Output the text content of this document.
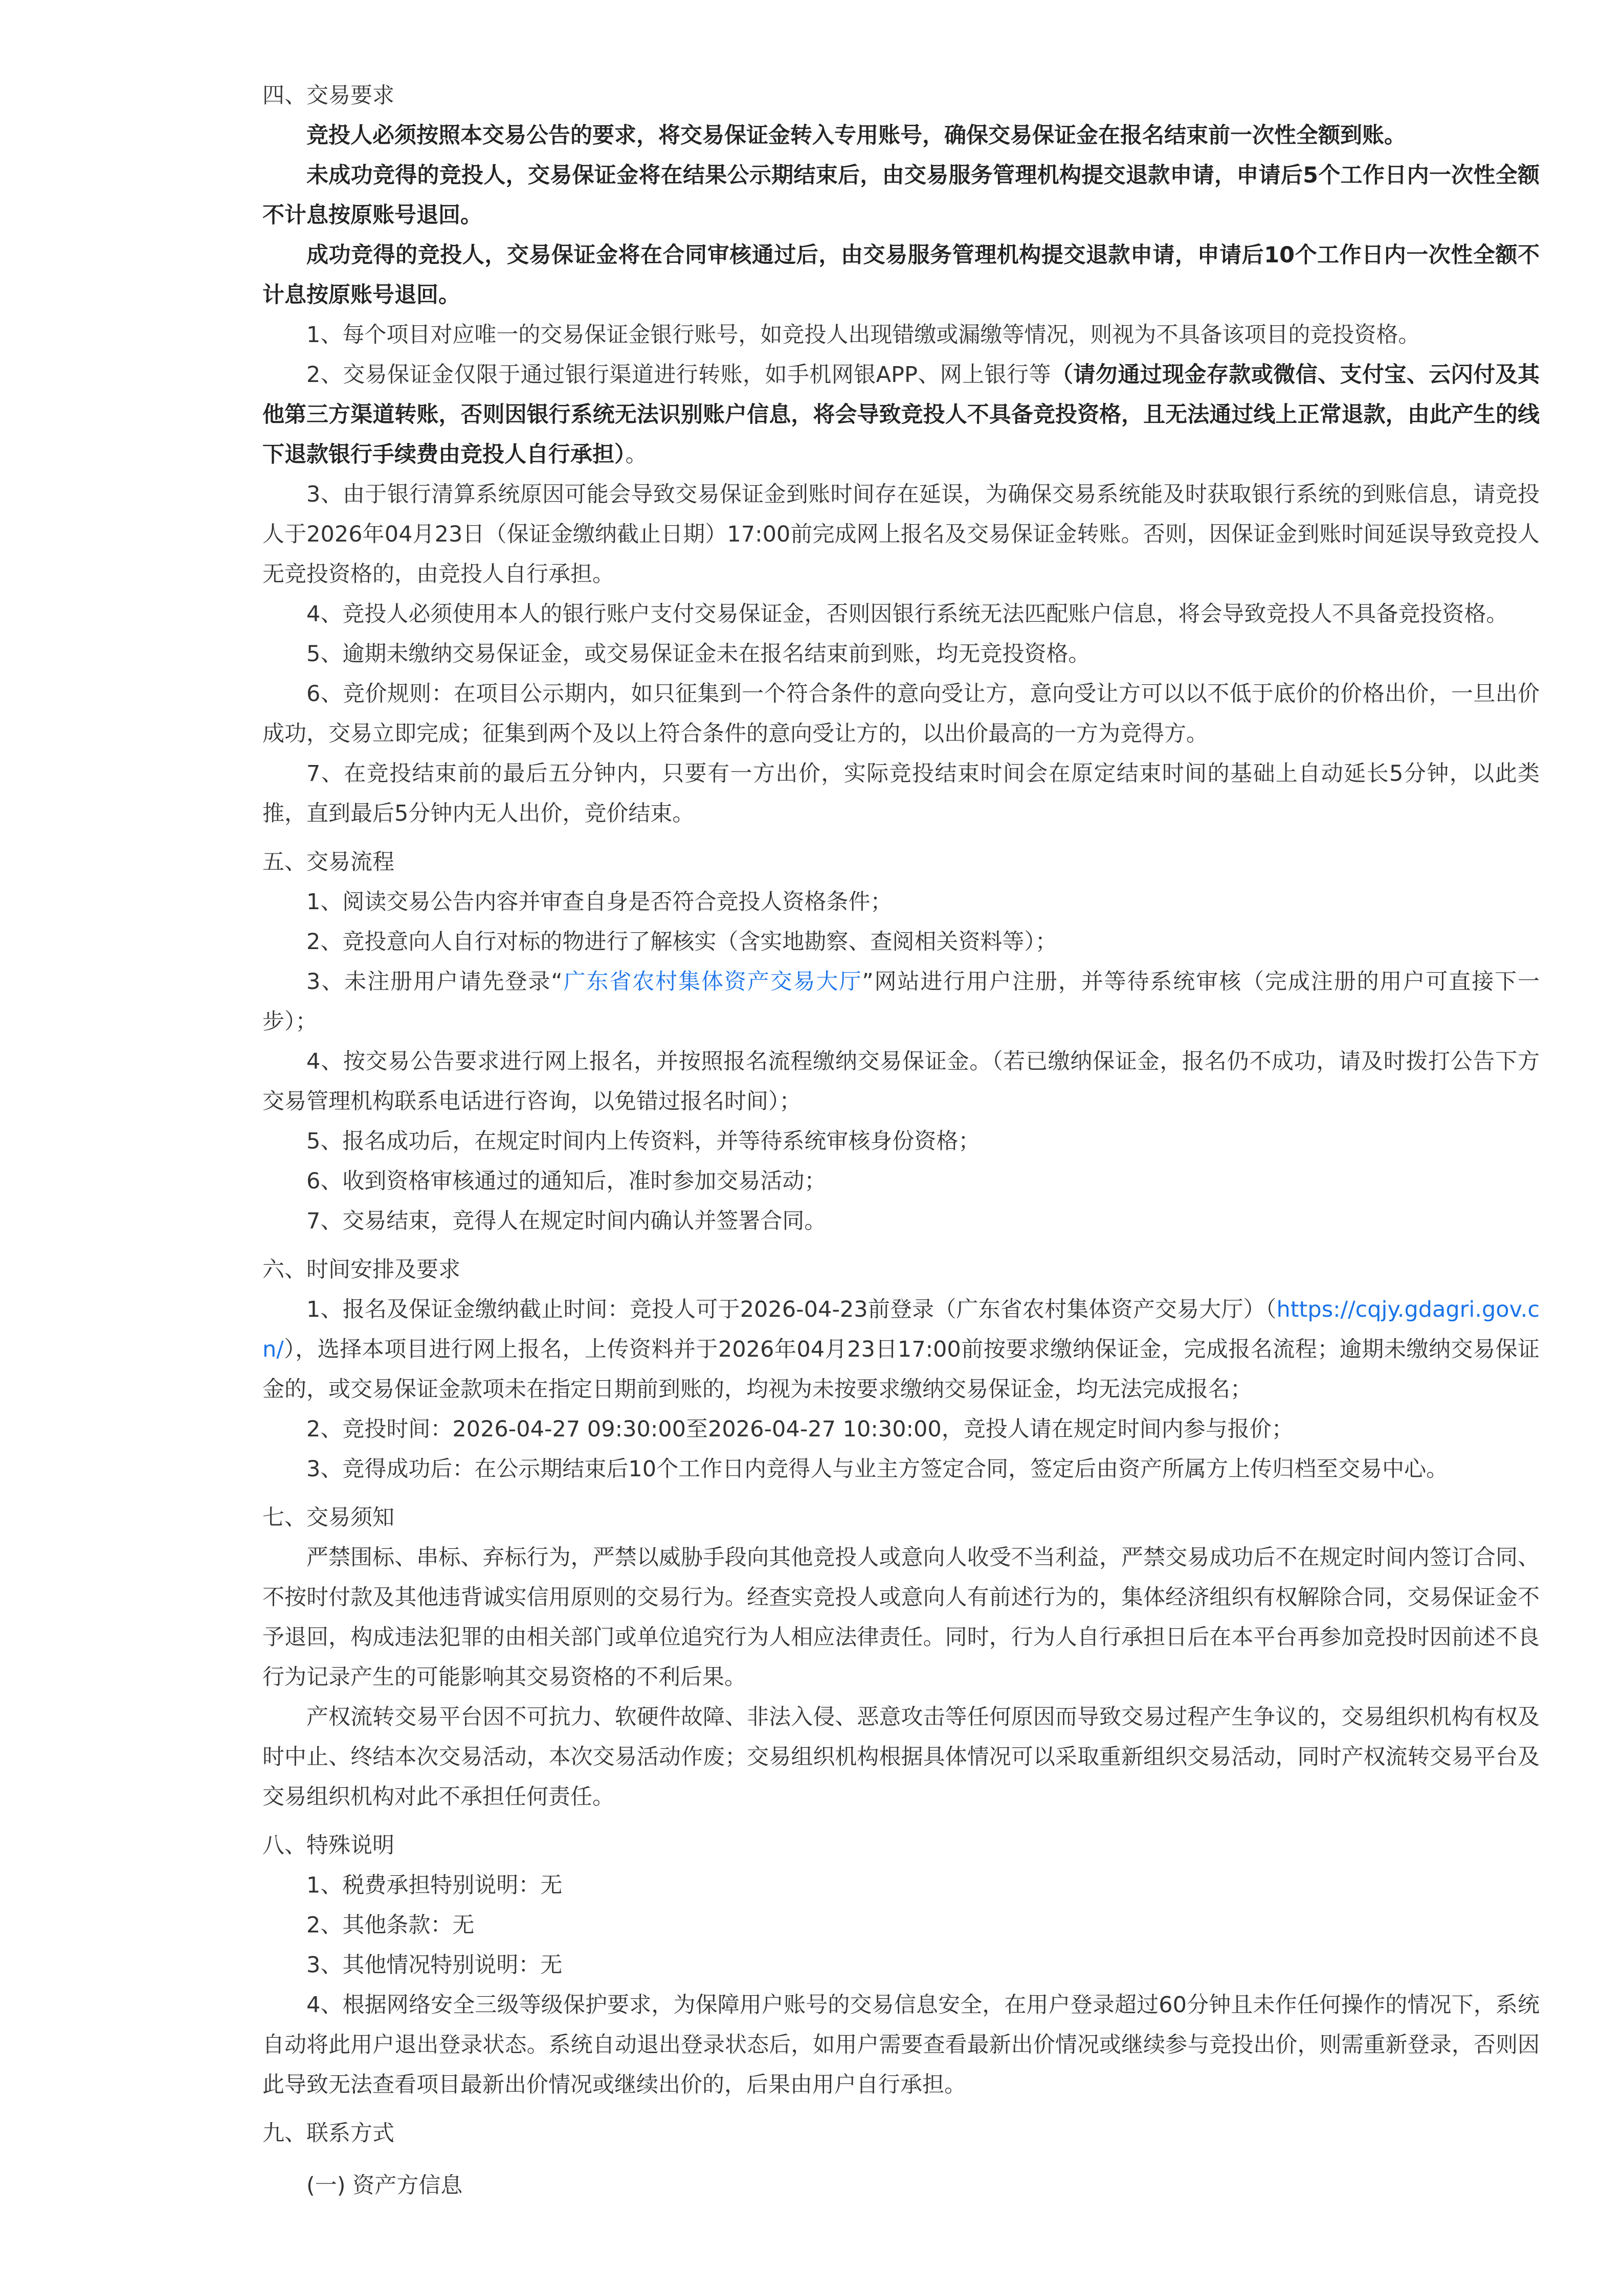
四、交易要求

竞投人必须按照本交易公告的要求，将交易保证金转入专用账号，确保交易保证金在报名结束前一次性全额到账。

未成功竞得的竞投人，交易保证金将在结果公示期结束后，由交易服务管理机构提交退款申请，申请后5个工作日内一次性全额不计息按原账号退回。

成功竞得的竞投人，交易保证金将在合同审核通过后，由交易服务管理机构提交退款申请，申请后10个工作日内一次性全额不计息按原账号退回。

1、每个项目对应唯一的交易保证金银行账号，如竞投人出现错缴或漏缴等情况，则视为不具备该项目的竞投资格。

2、交易保证金仅限于通过银行渠道进行转账，如手机网银APP、网上银行等（请勿通过现金存款或微信、支付宝、云闪付及其他第三方渠道转账，否则因银行系统无法识别账户信息，将会导致竞投人不具备竞投资格，且无法通过线上正常退款，由此产生的线下退款银行手续费由竞投人自行承担）。

3、由于银行清算系统原因可能会导致交易保证金到账时间存在延误，为确保交易系统能及时获取银行系统的到账信息，请竞投人于2026年04月23日（保证金缴纳截止日期）17:00前完成网上报名及交易保证金转账。否则，因保证金到账时间延误导致竞投人无竞投资格的，由竞投人自行承担。

4、竞投人必须使用本人的银行账户支付交易保证金，否则因银行系统无法匹配账户信息，将会导致竞投人不具备竞投资格。

5、逾期未缴纳交易保证金，或交易保证金未在报名结束前到账，均无竞投资格。

6、竞价规则：在项目公示期内，如只征集到一个符合条件的意向受让方，意向受让方可以以不低于底价的价格出价，一旦出价成功，交易立即完成；征集到两个及以上符合条件的意向受让方的，以出价最高的一方为竞得方。

7、在竞投结束前的最后五分钟内，只要有一方出价，实际竞投结束时间会在原定结束时间的基础上自动延长5分钟，以此类推，直到最后5分钟内无人出价，竞价结束。

五、交易流程

1、阅读交易公告内容并审查自身是否符合竞投人资格条件；

2、竞投意向人自行对标的物进行了解核实（含实地勘察、查阅相关资料等）；

3、未注册用户请先登录“广东省农村集体资产交易大厅”网站进行用户注册，并等待系统审核（完成注册的用户可直接下一步）；

4、按交易公告要求进行网上报名，并按照报名流程缴纳交易保证金。（若已缴纳保证金，报名仍不成功，请及时拨打公告下方交易管理机构联系电话进行咨询，以免错过报名时间）；

5、报名成功后，在规定时间内上传资料，并等待系统审核身份资格；

6、收到资格审核通过的通知后，准时参加交易活动；

7、交易结束，竞得人在规定时间内确认并签署合同。

六、时间安排及要求

1、报名及保证金缴纳截止时间：竞投人可于2026-04-23前登录（广东省农村集体资产交易大厅）（https://cqjy.gdagri.gov.cn/），选择本项目进行网上报名，上传资料并于2026年04月23日17:00前按要求缴纳保证金，完成报名流程；逾期未缴纳交易保证金的，或交易保证金款项未在指定日期前到账的，均视为未按要求缴纳交易保证金，均无法完成报名；

2、竞投时间：2026-04-27 09:30:00至2026-04-27 10:30:00，竞投人请在规定时间内参与报价；

3、竞得成功后：在公示期结束后10个工作日内竞得人与业主方签定合同，签定后由资产所属方上传归档至交易中心。

七、交易须知

严禁围标、串标、弃标行为，严禁以威胁手段向其他竞投人或意向人收受不当利益，严禁交易成功后不在规定时间内签订合同、不按时付款及其他违背诚实信用原则的交易行为。经查实竞投人或意向人有前述行为的，集体经济组织有权解除合同，交易保证金不予退回，构成违法犯罪的由相关部门或单位追究行为人相应法律责任。同时，行为人自行承担日后在本平台再参加竞投时因前述不良行为记录产生的可能影响其交易资格的不利后果。

产权流转交易平台因不可抗力、软硬件故障、非法入侵、恶意攻击等任何原因而导致交易过程产生争议的，交易组织机构有权及时中止、终结本次交易活动，本次交易活动作废；交易组织机构根据具体情况可以采取重新组织交易活动，同时产权流转交易平台及交易组织机构对此不承担任何责任。

八、特殊说明

1、税费承担特别说明：无

2、其他条款：无

3、其他情况特别说明：无

4、根据网络安全三级等级保护要求，为保障用户账号的交易信息安全，在用户登录超过60分钟且未作任何操作的情况下，系统自动将此用户退出登录状态。系统自动退出登录状态后，如用户需要查看最新出价情况或继续参与竞投出价，则需重新登录，否则因此导致无法查看项目最新出价情况或继续出价的，后果由用户自行承担。

九、联系方式

(一) 资产方信息
